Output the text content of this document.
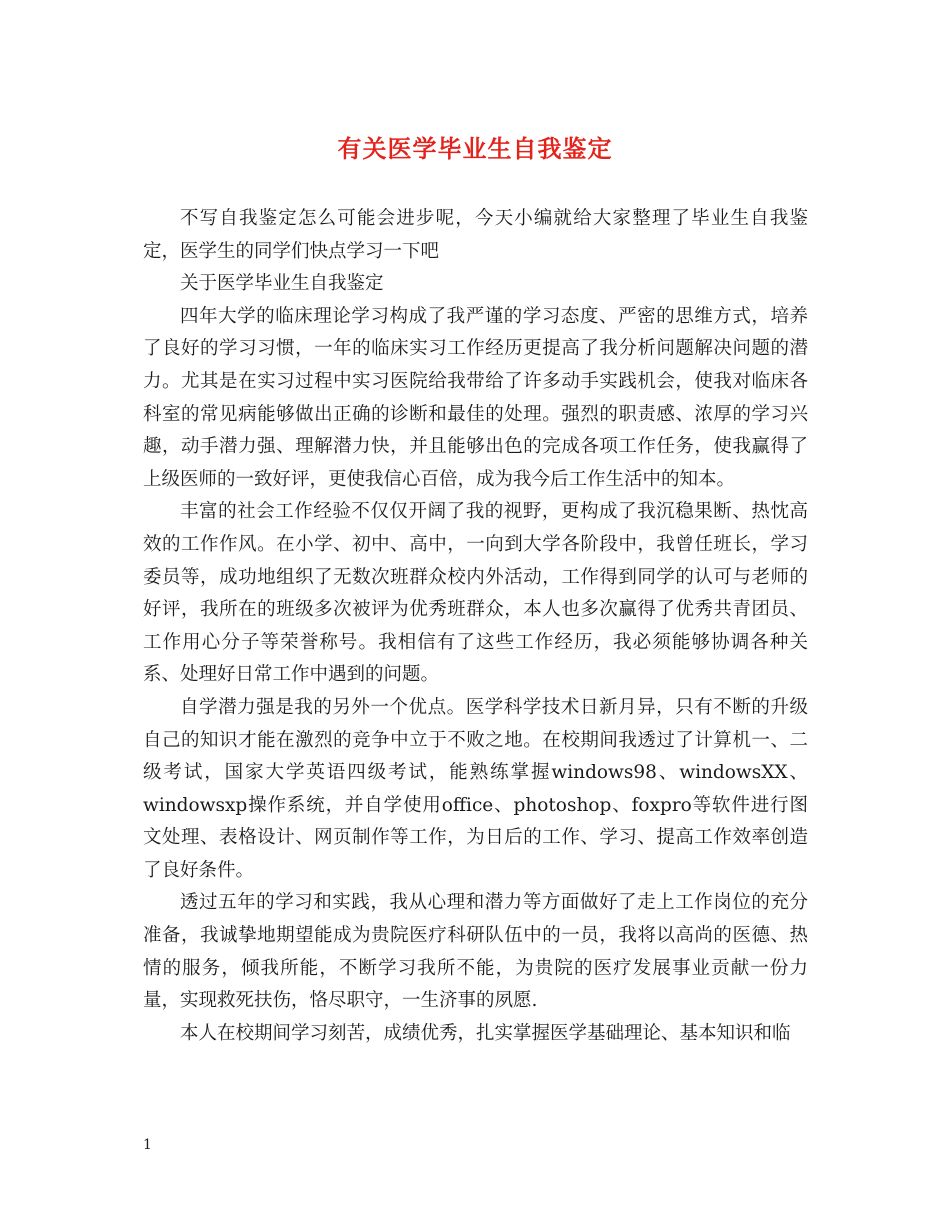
有关医学毕业生自我鉴定

不写自我鉴定怎么可能会进步呢，今天小编就给大家整理了毕业生自我鉴定，医学生的同学们快点学习一下吧

关于医学毕业生自我鉴定

四年大学的临床理论学习构成了我严谨的学习态度、严密的思维方式，培养了良好的学习习惯，一年的临床实习工作经历更提高了我分析问题解决问题的潜力。尤其是在实习过程中实习医院给我带给了许多动手实践机会，使我对临床各科室的常见病能够做出正确的诊断和最佳的处理。强烈的职责感、浓厚的学习兴趣，动手潜力强、理解潜力快，并且能够出色的完成各项工作任务，使我赢得了上级医师的一致好评，更使我信心百倍，成为我今后工作生活中的知本。

丰富的社会工作经验不仅仅开阔了我的视野，更构成了我沉稳果断、热忱高效的工作作风。在小学、初中、高中，一向到大学各阶段中，我曾任班长，学习委员等，成功地组织了无数次班群众校内外活动，工作得到同学的认可与老师的好评，我所在的班级多次被评为优秀班群众，本人也多次赢得了优秀共青团员、工作用心分子等荣誉称号。我相信有了这些工作经历，我必须能够协调各种关系、处理好日常工作中遇到的问题。

自学潜力强是我的另外一个优点。医学科学技术日新月异，只有不断的升级自己的知识才能在激烈的竞争中立于不败之地。在校期间我透过了计算机一、二级考试，国家大学英语四级考试，能熟练掌握windows98、windowsXX、windowsxp操作系统，并自学使用office、photoshop、foxpro等软件进行图文处理、表格设计、网页制作等工作，为日后的工作、学习、提高工作效率创造了良好条件。

透过五年的学习和实践，我从心理和潜力等方面做好了走上工作岗位的充分准备，我诚挚地期望能成为贵院医疗科研队伍中的一员，我将以高尚的医德、热情的服务，倾我所能，不断学习我所不能，为贵院的医疗发展事业贡献一份力量，实现救死扶伤，恪尽职守，一生济事的夙愿.

本人在校期间学习刻苦，成绩优秀，扎实掌握医学基础理论、基本知识和临

1
